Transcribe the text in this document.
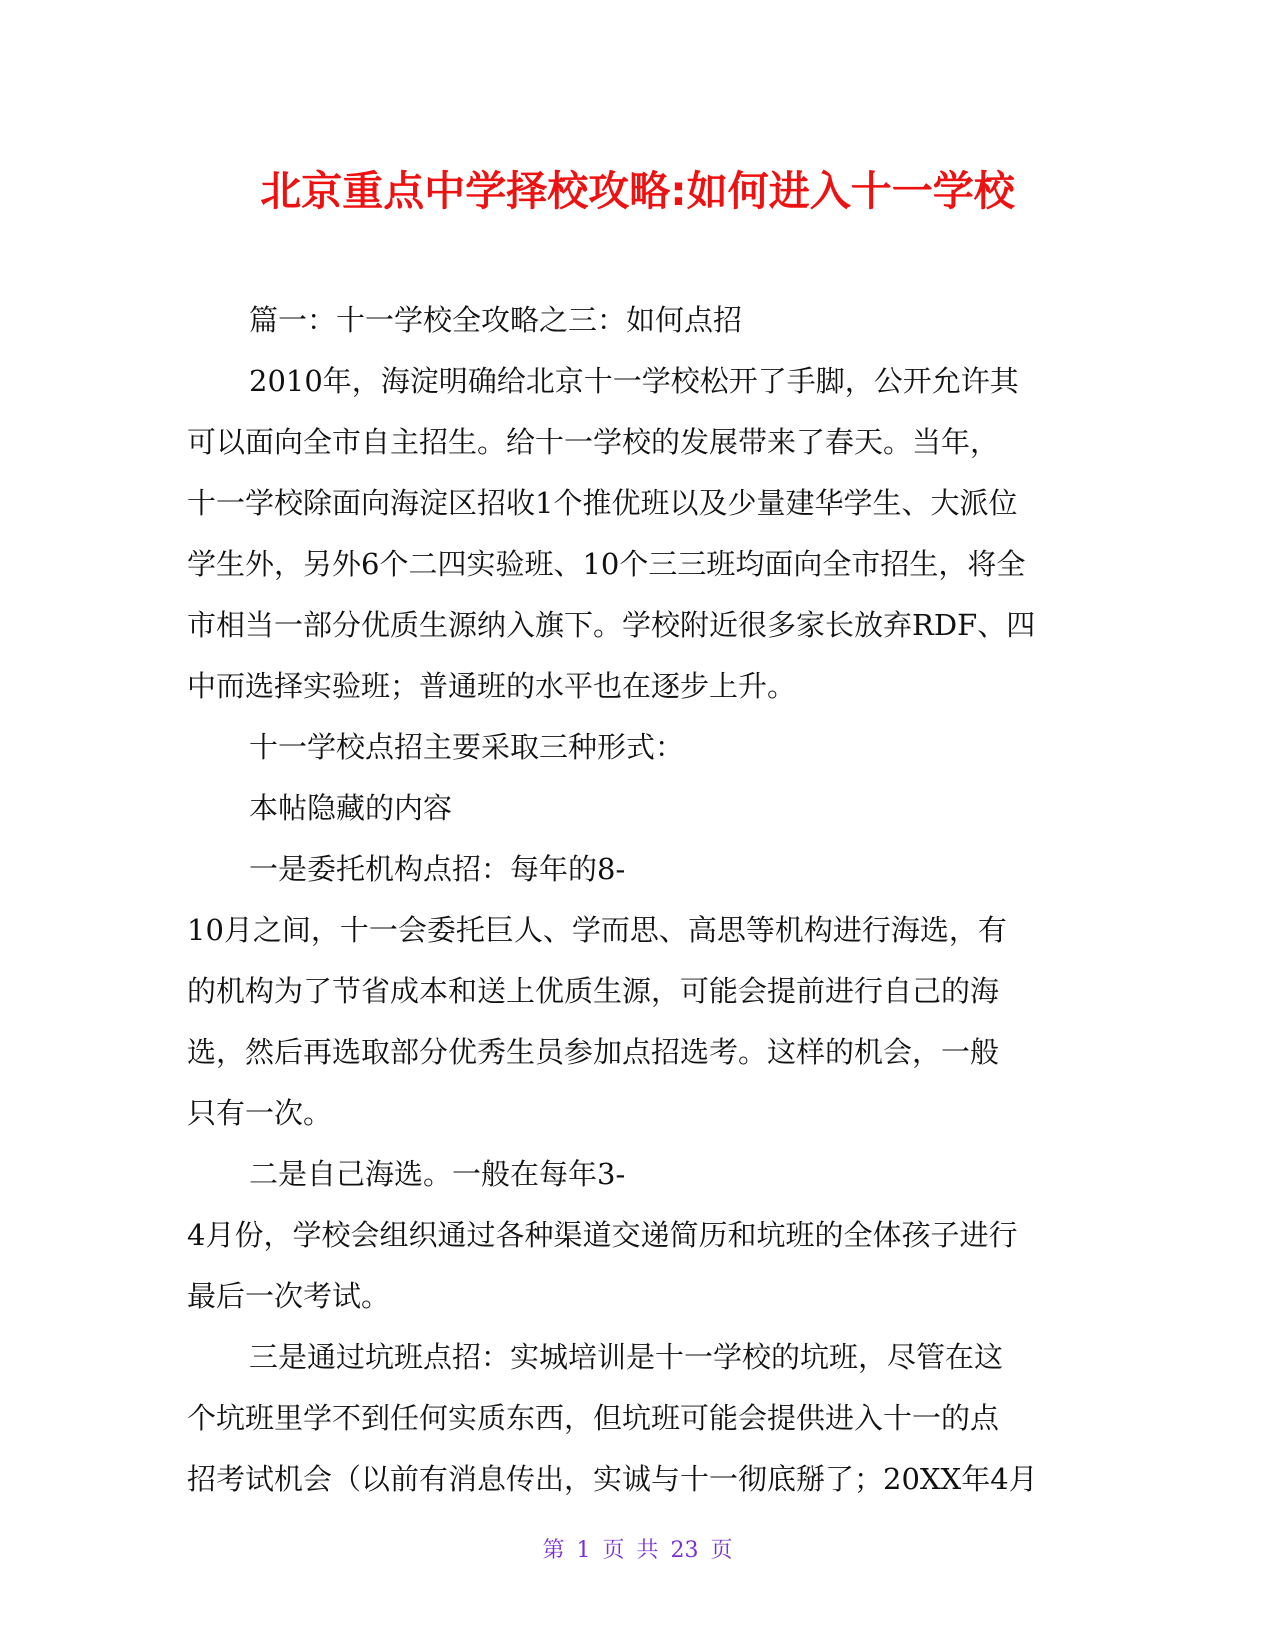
北京重点中学择校攻略:如何进入十一学校

篇一：十一学校全攻略之三：如何点招

2010年，海淀明确给北京十一学校松开了手脚，公开允许其

可以面向全市自主招生。给十一学校的发展带来了春天。当年，

十一学校除面向海淀区招收1个推优班以及少量建华学生、大派位

学生外，另外6个二四实验班、10个三三班均面向全市招生，将全

市相当一部分优质生源纳入旗下。学校附近很多家长放弃RDF、四

中而选择实验班；普通班的水平也在逐步上升。

十一学校点招主要采取三种形式：

本帖隐藏的内容

一是委托机构点招：每年的8-

10月之间，十一会委托巨人、学而思、高思等机构进行海选，有

的机构为了节省成本和送上优质生源，可能会提前进行自己的海

选，然后再选取部分优秀生员参加点招选考。这样的机会，一般

只有一次。

二是自己海选。一般在每年3-

4月份，学校会组织通过各种渠道交递简历和坑班的全体孩子进行

最后一次考试。

三是通过坑班点招：实城培训是十一学校的坑班，尽管在这

个坑班里学不到任何实质东西，但坑班可能会提供进入十一的点

招考试机会（以前有消息传出，实诚与十一彻底掰了；20XX年4月

第 1 页 共 23 页
